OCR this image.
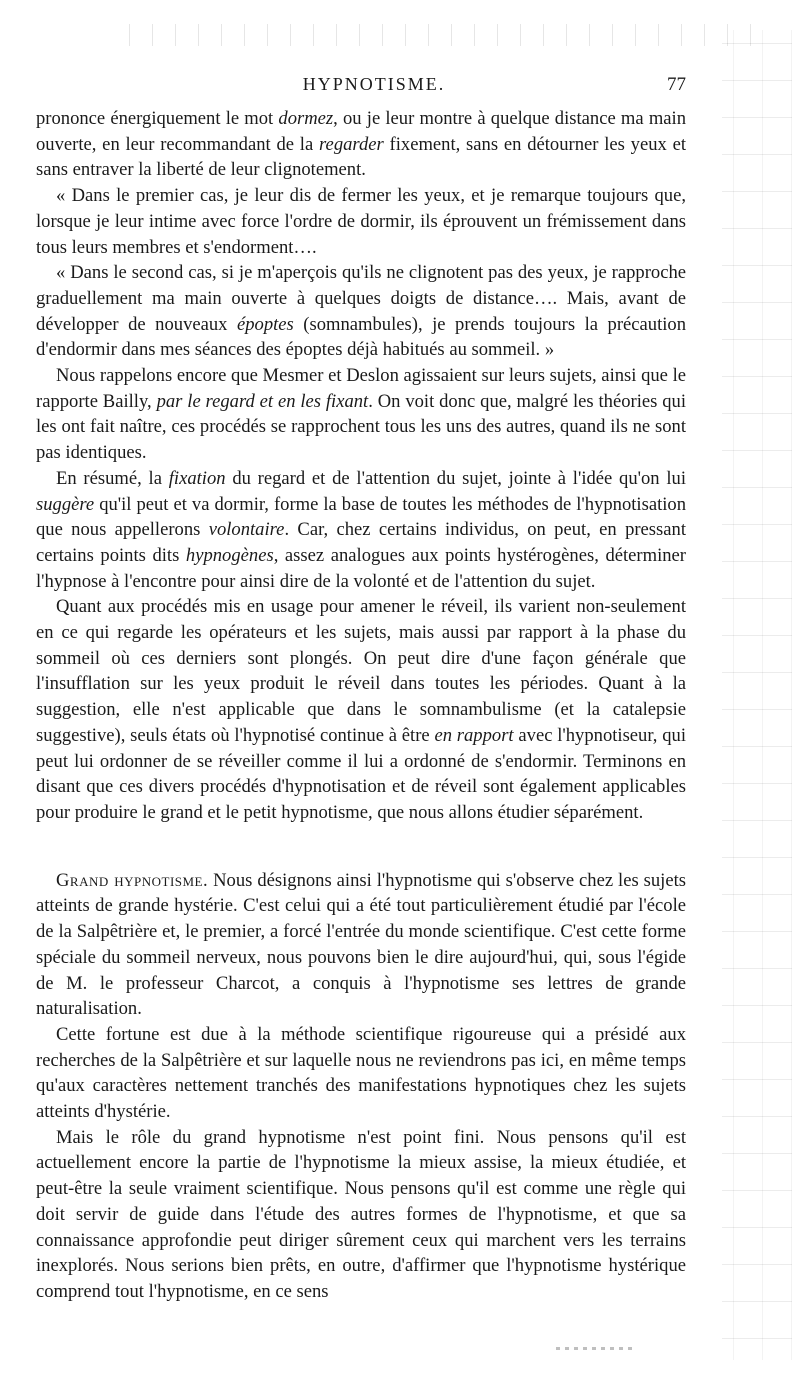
HYPNOTISME.	77

prononce énergiquement le mot dormez, ou je leur montre à quelque distance ma main ouverte, en leur recommandant de la regarder fixement, sans en détourner les yeux et sans entraver la liberté de leur clignotement.

« Dans le premier cas, je leur dis de fermer les yeux, et je remarque toujours que, lorsque je leur intime avec force l'ordre de dormir, ils éprouvent un frémissement dans tous leurs membres et s'endorment….

« Dans le second cas, si je m'aperçois qu'ils ne clignotent pas des yeux, je rapproche graduellement ma main ouverte à quelques doigts de distance…. Mais, avant de développer de nouveaux époptes (somnambules), je prends toujours la précaution d'endormir dans mes séances des époptes déjà habitués au sommeil. »

Nous rappelons encore que Mesmer et Deslon agissaient sur leurs sujets, ainsi que le rapporte Bailly, par le regard et en les fixant. On voit donc que, malgré les théories qui les ont fait naître, ces procédés se rapprochent tous les uns des autres, quand ils ne sont pas identiques.

En résumé, la fixation du regard et de l'attention du sujet, jointe à l'idée qu'on lui suggère qu'il peut et va dormir, forme la base de toutes les méthodes de l'hypnotisation que nous appellerons volontaire. Car, chez certains individus, on peut, en pressant certains points dits hypnogènes, assez analogues aux points hystérogènes, déterminer l'hypnose à l'encontre pour ainsi dire de la volonté et de l'attention du sujet.

Quant aux procédés mis en usage pour amener le réveil, ils varient non-seulement en ce qui regarde les opérateurs et les sujets, mais aussi par rapport à la phase du sommeil où ces derniers sont plongés. On peut dire d'une façon générale que l'insufflation sur les yeux produit le réveil dans toutes les périodes. Quant à la suggestion, elle n'est applicable que dans le somnambulisme (et la catalepsie suggestive), seuls états où l'hypnotisé continue à être en rapport avec l'hypnotiseur, qui peut lui ordonner de se réveiller comme il lui a ordonné de s'endormir. Terminons en disant que ces divers procédés d'hypnotisation et de réveil sont également applicables pour produire le grand et le petit hypnotisme, que nous allons étudier séparément.

Grand hypnotisme. Nous désignons ainsi l'hypnotisme qui s'observe chez les sujets atteints de grande hystérie. C'est celui qui a été tout particulièrement étudié par l'école de la Salpêtrière et, le premier, a forcé l'entrée du monde scientifique. C'est cette forme spéciale du sommeil nerveux, nous pouvons bien le dire aujourd'hui, qui, sous l'égide de M. le professeur Charcot, a conquis à l'hypnotisme ses lettres de grande naturalisation.

Cette fortune est due à la méthode scientifique rigoureuse qui a présidé aux recherches de la Salpêtrière et sur laquelle nous ne reviendrons pas ici, en même temps qu'aux caractères nettement tranchés des manifestations hypnotiques chez les sujets atteints d'hystérie.

Mais le rôle du grand hypnotisme n'est point fini. Nous pensons qu'il est actuellement encore la partie de l'hypnotisme la mieux assise, la mieux étudiée, et peut-être la seule vraiment scientifique. Nous pensons qu'il est comme une règle qui doit servir de guide dans l'étude des autres formes de l'hypnotisme, et que sa connaissance approfondie peut diriger sûrement ceux qui marchent vers les terrains inexplorés. Nous serions bien prêts, en outre, d'affirmer que l'hypnotisme hystérique comprend tout l'hypnotisme, en ce sens
